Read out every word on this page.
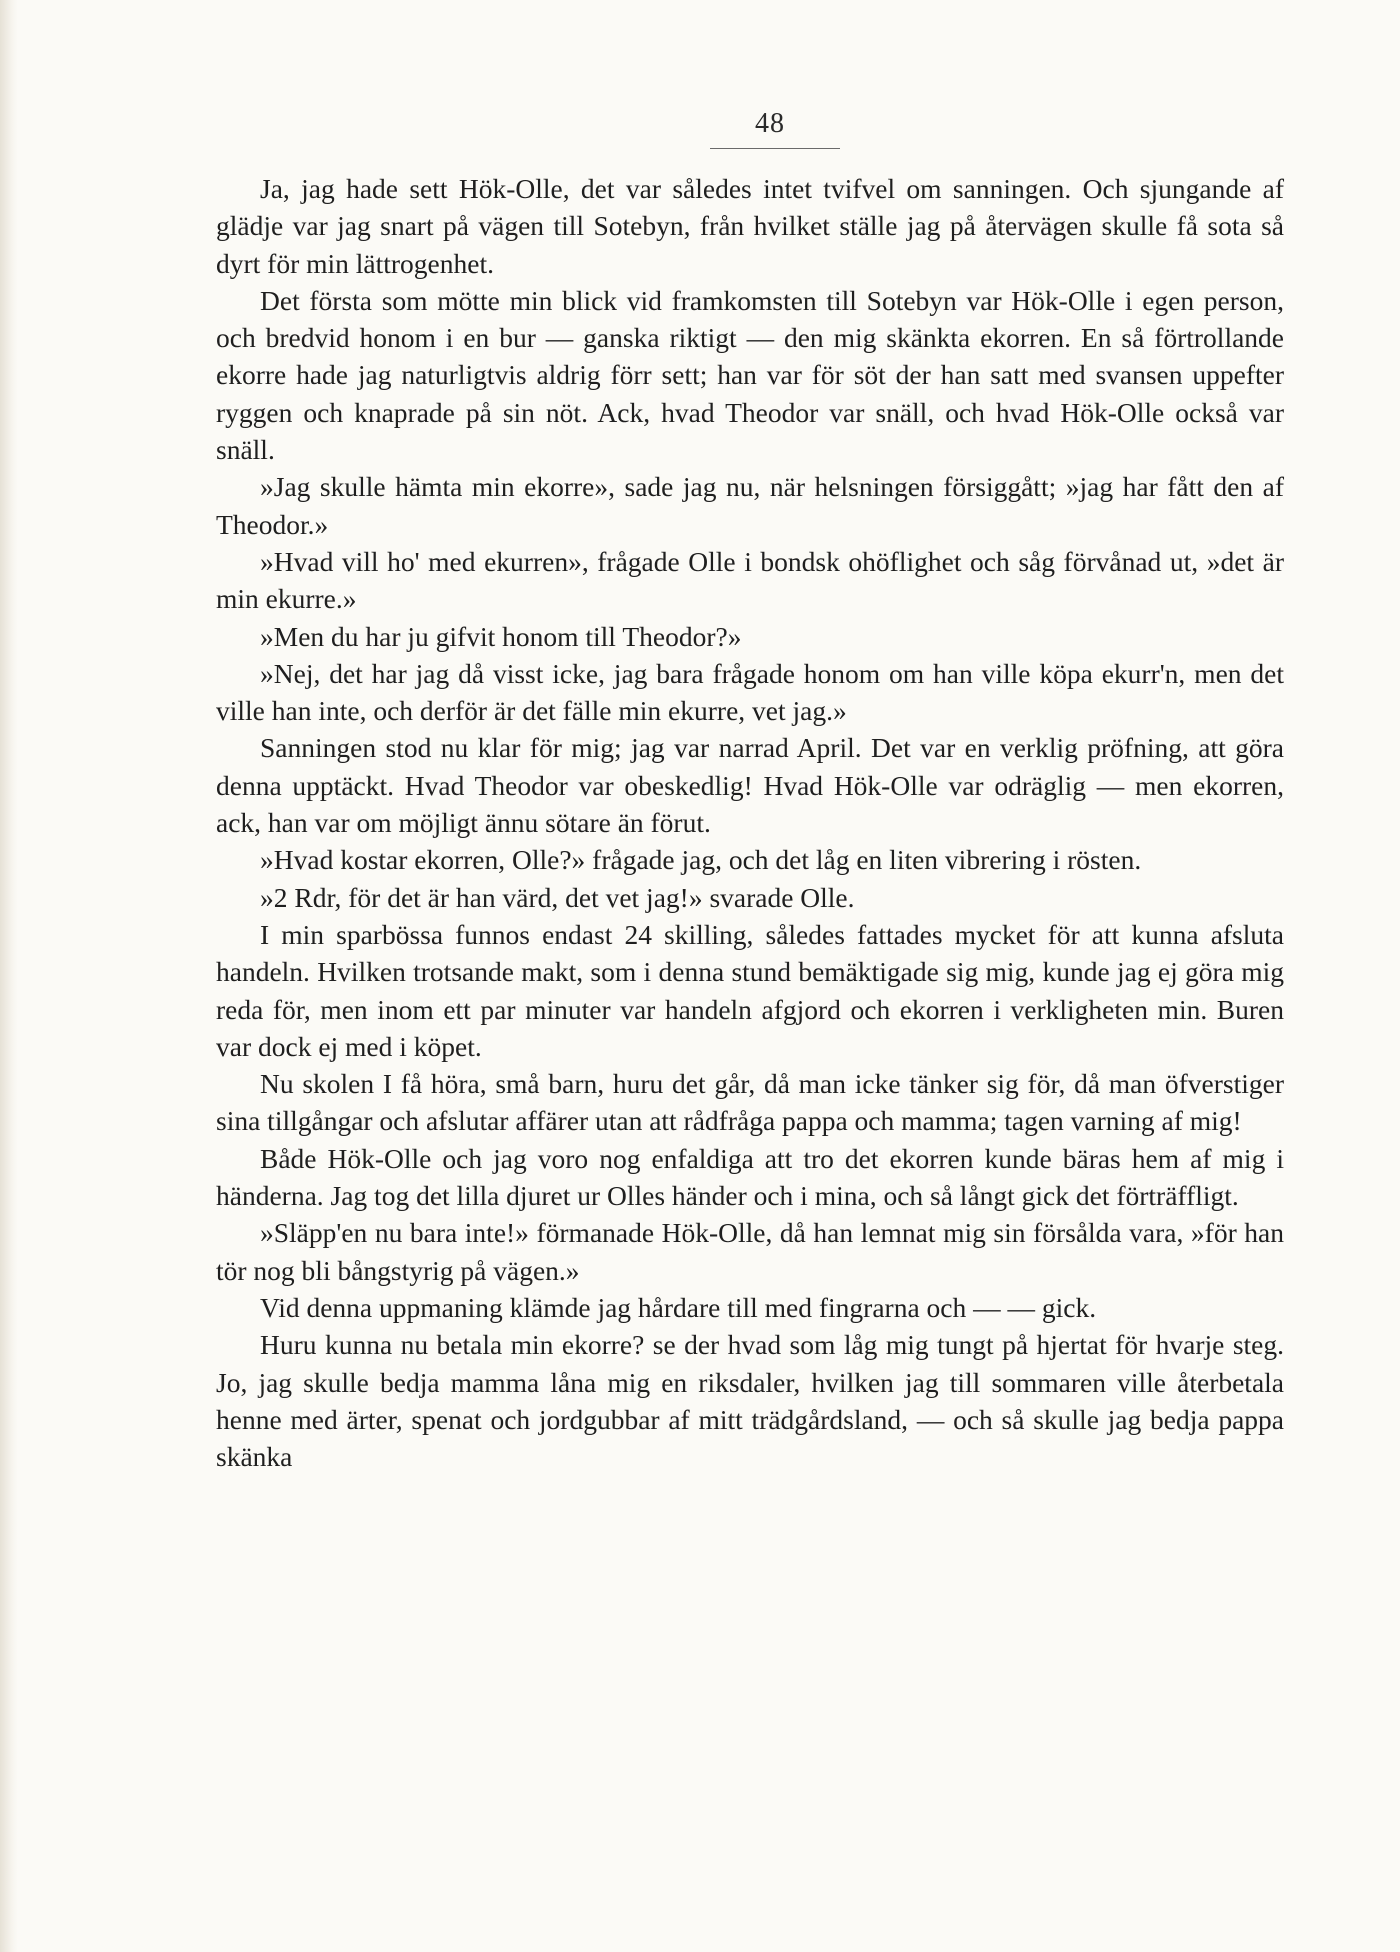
48

Ja, jag hade sett Hök-Olle, det var således intet tvifvel om sanningen. Och sjungande af glädje var jag snart på vägen till Sotebyn, från hvilket ställe jag på återvägen skulle få sota så dyrt för min lättrogenhet.

Det första som mötte min blick vid framkomsten till Sotebyn var Hök-Olle i egen person, och bredvid honom i en bur — ganska riktigt — den mig skänkta ekorren. En så förtrollande ekorre hade jag naturligtvis aldrig förr sett; han var för söt der han satt med svansen uppefter ryggen och knaprade på sin nöt. Ack, hvad Theodor var snäll, och hvad Hök-Olle också var snäll.

»Jag skulle hämta min ekorre», sade jag nu, när helsningen försiggått; »jag har fått den af Theodor.»

»Hvad vill ho' med ekurren», frågade Olle i bondsk ohöflighet och såg förvånad ut, »det är min ekurre.»

»Men du har ju gifvit honom till Theodor?»

»Nej, det har jag då visst icke, jag bara frågade honom om han ville köpa ekurr'n, men det ville han inte, och derför är det fälle min ekurre, vet jag.»

Sanningen stod nu klar för mig; jag var narrad April. Det var en verklig pröfning, att göra denna upptäckt. Hvad Theodor var obeskedlig! Hvad Hök-Olle var odräglig — men ekorren, ack, han var om möjligt ännu sötare än förut.

»Hvad kostar ekorren, Olle?» frågade jag, och det låg en liten vibrering i rösten.

»2 Rdr, för det är han värd, det vet jag!» svarade Olle.

I min sparbössa funnos endast 24 skilling, således fattades mycket för att kunna afsluta handeln. Hvilken trotsande makt, som i denna stund bemäktigade sig mig, kunde jag ej göra mig reda för, men inom ett par minuter var handeln afgjord och ekorren i verkligheten min. Buren var dock ej med i köpet.

Nu skolen I få höra, små barn, huru det går, då man icke tänker sig för, då man öfverstiger sina tillgångar och afslutar affärer utan att rådfråga pappa och mamma; tagen varning af mig!

Både Hök-Olle och jag voro nog enfaldiga att tro det ekorren kunde bäras hem af mig i händerna. Jag tog det lilla djuret ur Olles händer och i mina, och så långt gick det förträffligt.

»Släpp'en nu bara inte!» förmanade Hök-Olle, då han lemnat mig sin försålda vara, »för han tör nog bli bångstyrig på vägen.»

Vid denna uppmaning klämde jag hårdare till med fingrarna och — — gick.

Huru kunna nu betala min ekorre? se der hvad som låg mig tungt på hjertat för hvarje steg. Jo, jag skulle bedja mamma låna mig en riksdaler, hvilken jag till sommaren ville återbetala henne med ärter, spenat och jordgubbar af mitt trädgårdsland, — och så skulle jag bedja pappa skänka
